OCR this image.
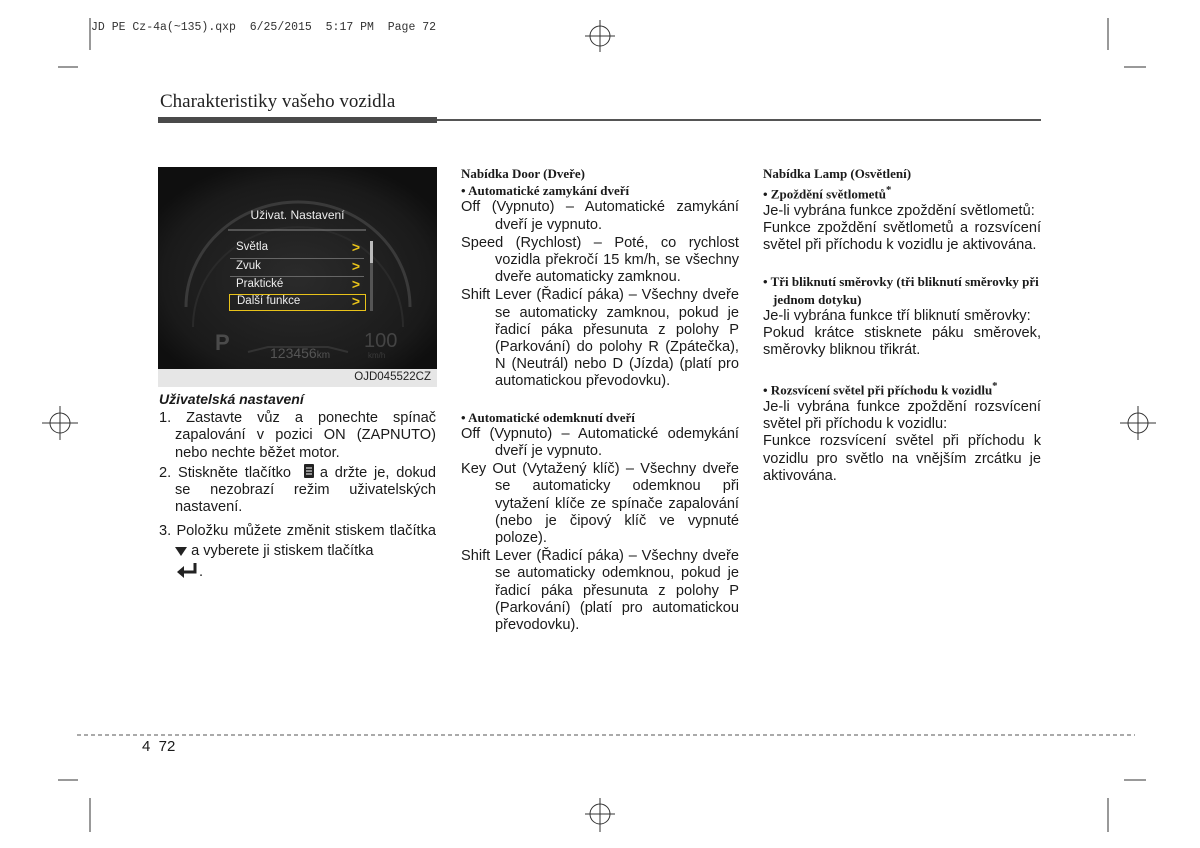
JD PE Cz-4a(~135).qxp  6/25/2015  5:17 PM  Page 72
Charakteristiky vašeho vozidla
Uživat. Nastavení
Světla	>
Zvuk	>
Praktické	>
Další funkce	>
P	123456km
100
km/h
OJD045522CZ

Uživatelská nastavení

1. Zastavte vůz a ponechte spínač zapalování v pozici ON (ZAPNUTO) nebo nechte běžet motor.

2. Stiskněte tlačítko a držte je, dokud se nezobrazí režim uživatelských nastavení.

3. Položku můžete změnit stiskem tlačítka  a vyberete ji stiskem tlačítka
.

Nabídka Door (Dveře)

• Automatické zamykání dveří

Off (Vypnuto) – Automatické zamykání dveří je vypnuto.

Speed (Rychlost) – Poté, co rychlost vozidla překročí 15 km/h, se všechny dveře automaticky zamknou.

Shift Lever (Řadicí páka) – Všechny dveře se automaticky zamknou, pokud je řadicí páka přesunuta z polohy P (Parkování) do polohy R (Zpátečka), N (Neutrál) nebo D (Jízda) (platí pro automatickou převodovku).

• Automatické odemknutí dveří

Off (Vypnuto) – Automatické odemykání dveří je vypnuto.

Key Out (Vytažený klíč) – Všechny dveře se automaticky odemknou při vytažení klíče ze spínače zapalování (nebo je čipový klíč ve vypnuté poloze).

Shift Lever (Řadicí páka) – Všechny dveře se automaticky odemknou, pokud je řadicí páka přesunuta z polohy P (Parkování) (platí pro automatickou převodovku).

Nabídka Lamp (Osvětlení)

• Zpoždění světlometů*

Je-li vybrána funkce zpoždění světlometů:

Funkce zpoždění světlometů a rozsvícení světel při příchodu k vozidlu je aktivována.

• Tři bliknutí směrovky (tři bliknutí směrovky při jednom dotyku)

Je-li vybrána funkce tří bliknutí směrovky:

Pokud krátce stisknete páku směrovek, směrovky bliknou třikrát.

• Rozsvícení světel při příchodu k vozidlu*

Je-li vybrána funkce zpoždění rozsvícení světel při příchodu k vozidlu:

Funkce rozsvícení světel při příchodu k vozidlu pro světlo na vnějším zrcátku je aktivována.

4  72
